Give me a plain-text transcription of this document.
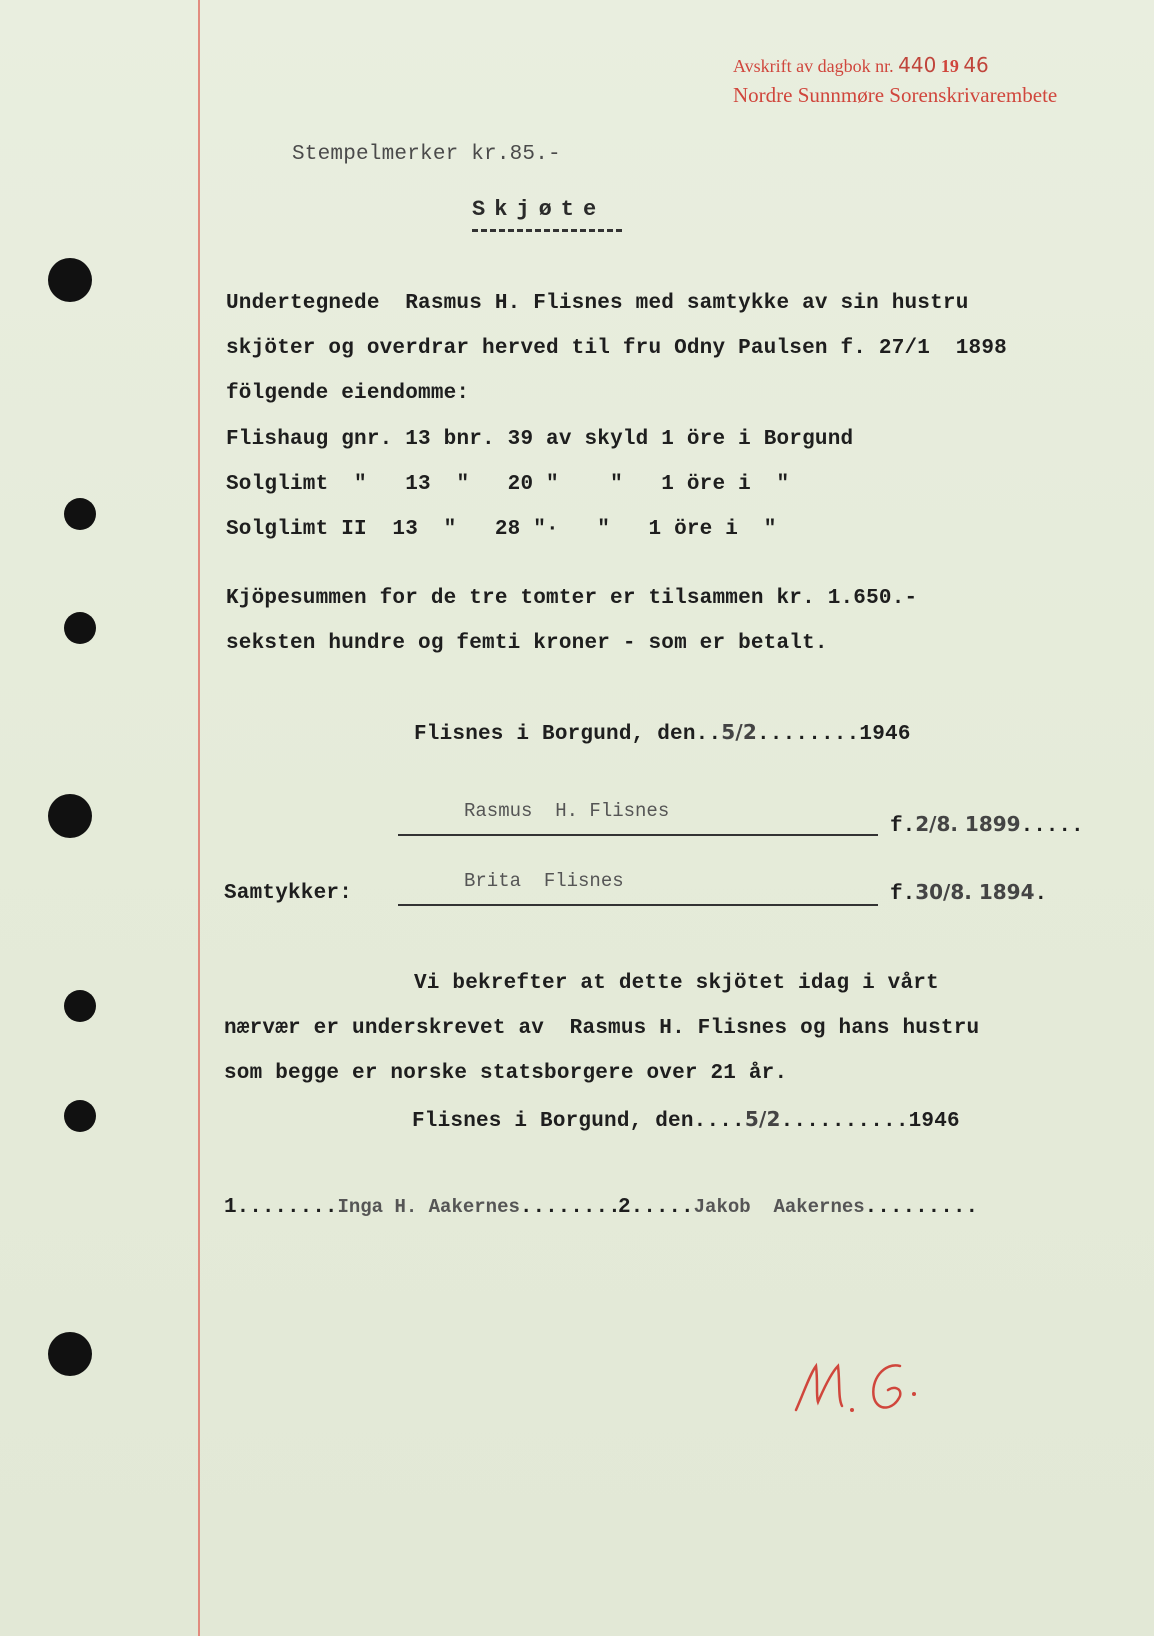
Avskrift av dagbok nr. 440 19 46
Nordre Sunnmøre Sorenskrivarembete
Stempelmerker kr.85.-
Skjøte
Undertegnede  Rasmus H. Flisnes med samtykke av sin hustru
skjöter og overdrar herved til fru Odny Paulsen f. 27/1  1898
fölgende eiendomme:
Flishaug gnr. 13 bnr. 39 av skyld 1 öre i Borgund
Solglimt  "   13  "   20 "    "   1 öre i  "
Solglimt II  13  "   28 "·   "   1 öre i  "
Kjöpesummen for de tre tomter er tilsammen kr. 1.650.-
seksten hundre og femti kroner - som er betalt.
Flisnes i Borgund, den..5/2........1946
Rasmus  H. Flisnes
f.2/8. 1899.....
Samtykker:
Brita  Flisnes
f.30/8. 1894.
Vi bekrefter at dette skjötet idag i vårt
nærvær er underskrevet av  Rasmus H. Flisnes og hans hustru
som begge er norske statsborgere over 21 år.
Flisnes i Borgund, den....5/2..........1946
1........Inga H. Aakernes........
2.....Jakob  Aakernes.........
